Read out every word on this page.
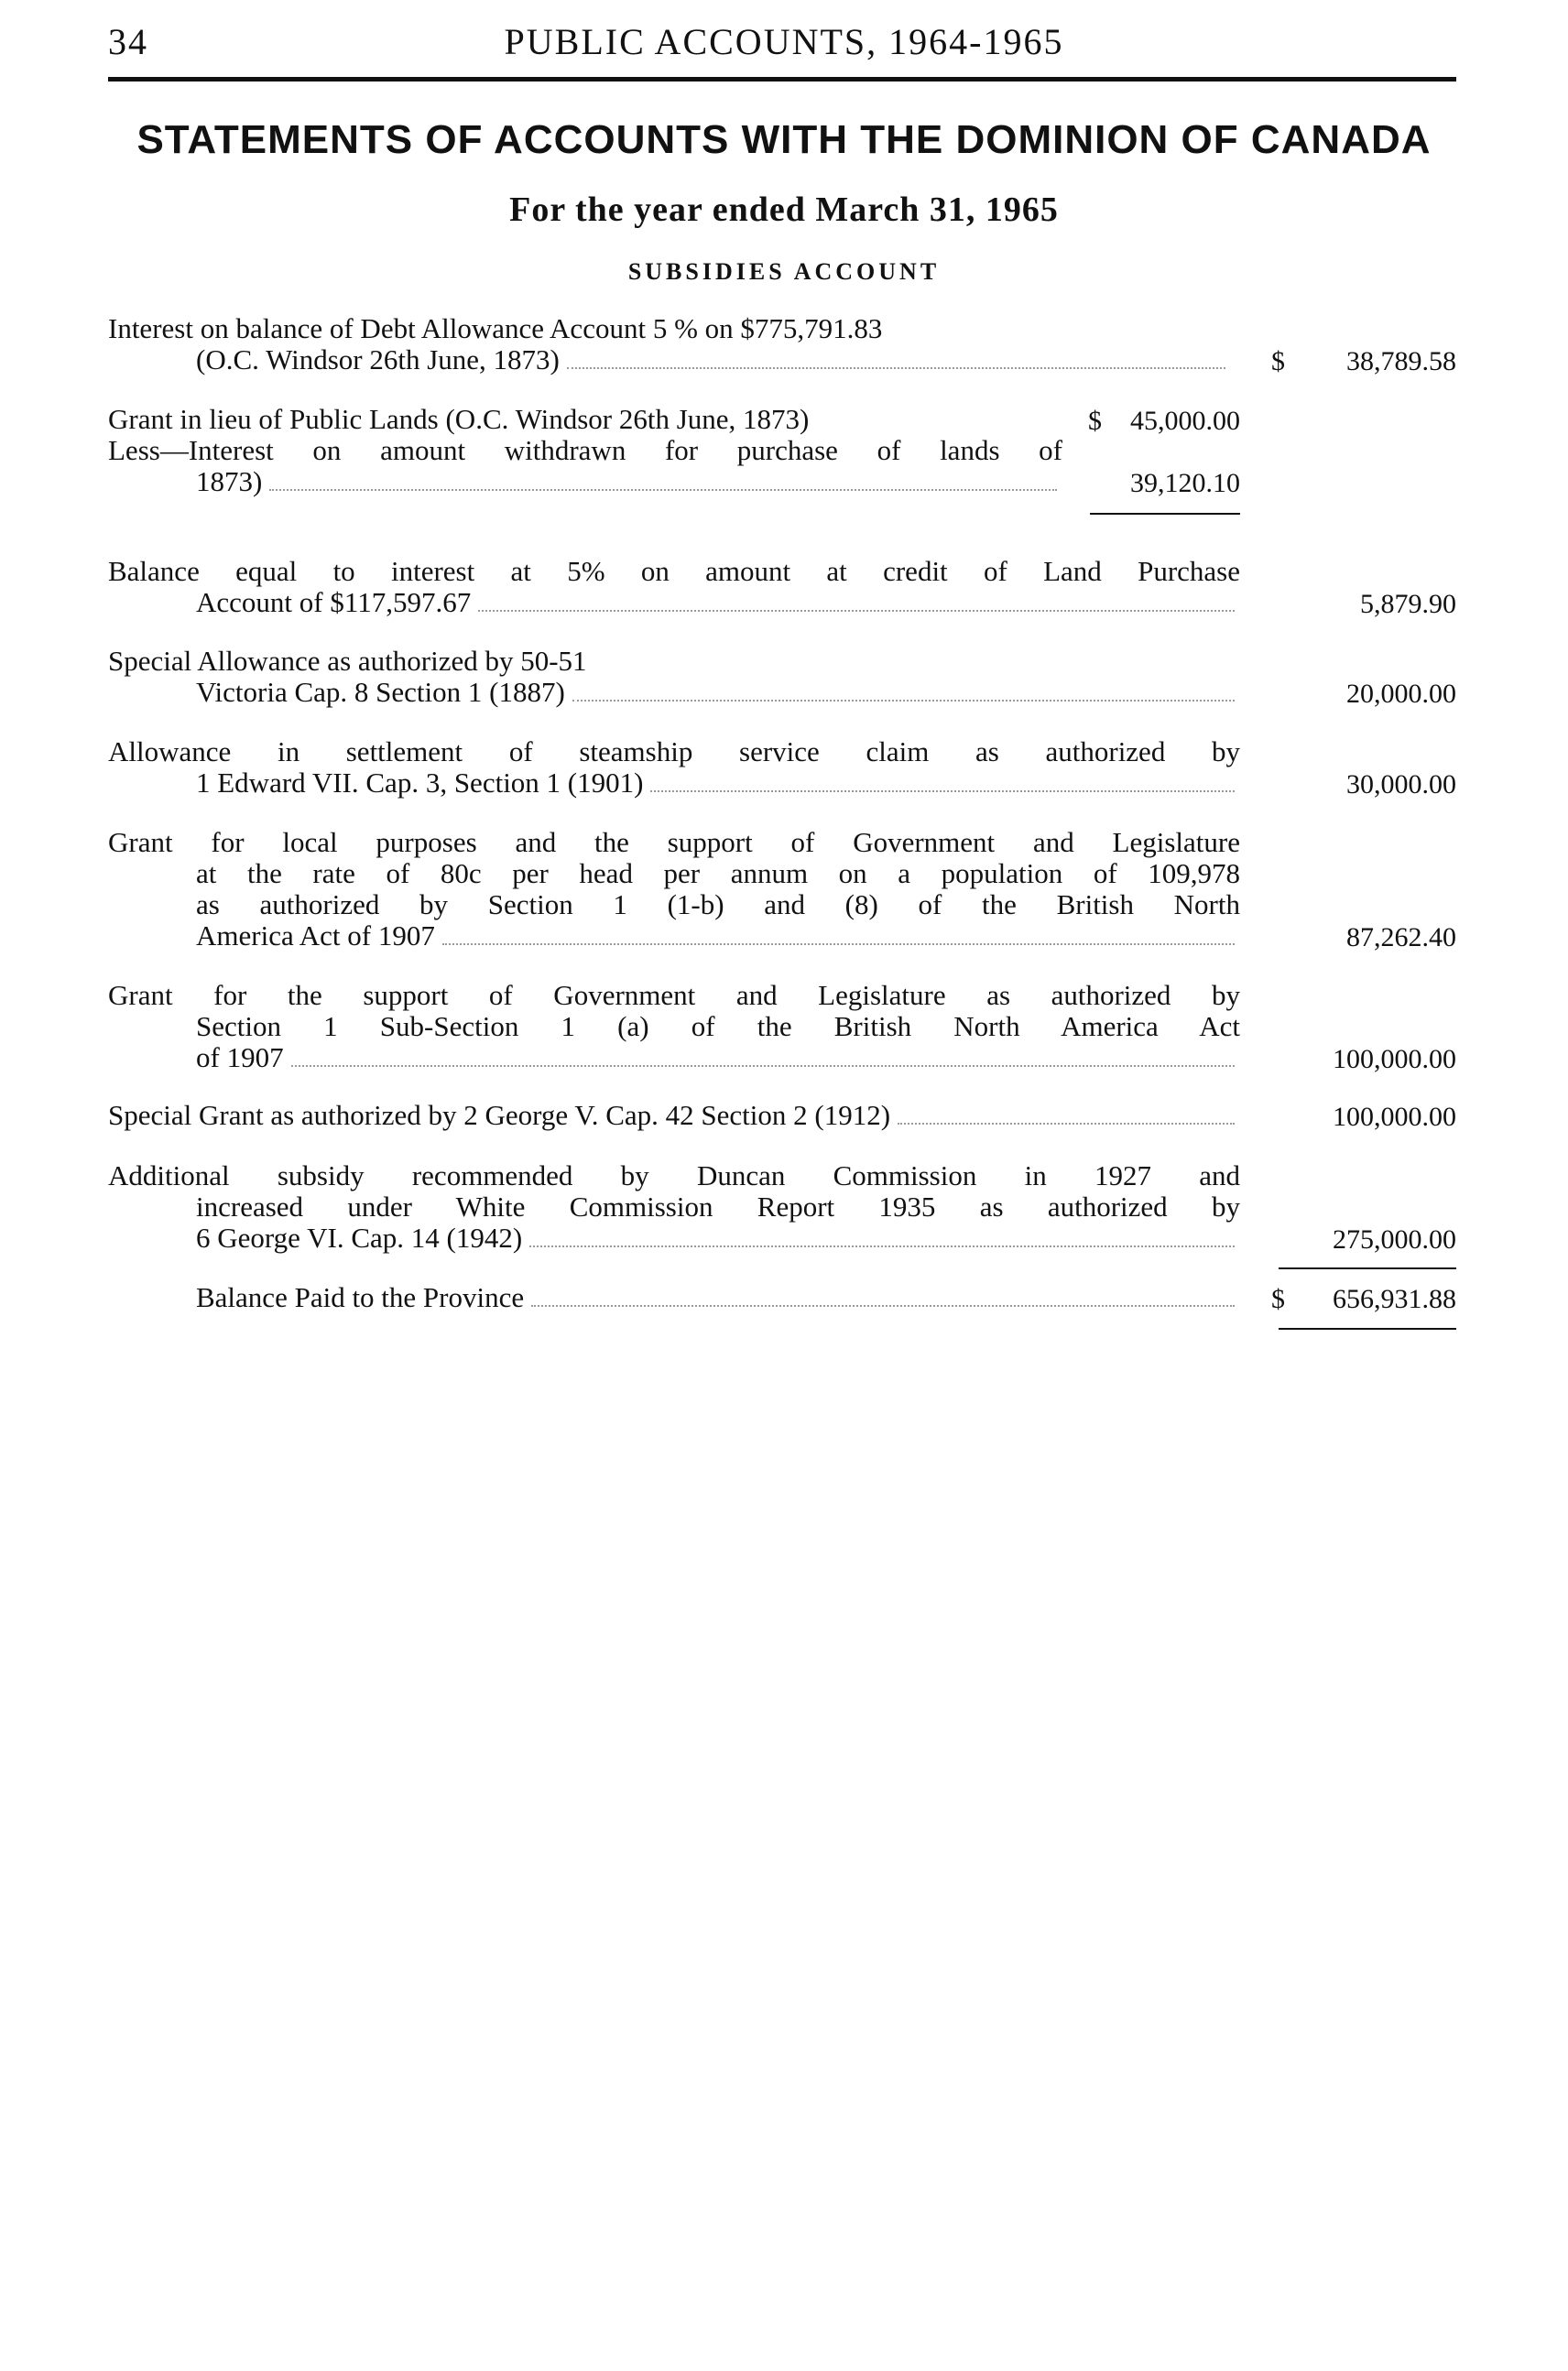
34	PUBLIC ACCOUNTS, 1964-1965
STATEMENTS OF ACCOUNTS WITH THE DOMINION OF CANADA
For the year ended March 31, 1965
SUBSIDIES ACCOUNT
Interest on balance of Debt Allowance Account 5 % on $775,791.83
(O.C. Windsor 26th June, 1873)	$ 38,789.58
Grant in lieu of Public Lands (O.C. Windsor 26th June, 1873)	$ 45,000.00
Less—Interest on amount withdrawn for purchase of lands of
1873)	39,120.10
Balance equal to interest at 5% on amount at credit of Land Purchase
Account of $117,597.67	5,879.90
Special Allowance as authorized by 50-51
Victoria Cap. 8 Section 1 (1887)	20,000.00
Allowance in settlement of steamship service claim as authorized by
1 Edward VII. Cap. 3, Section 1 (1901)	30,000.00
Grant for local purposes and the support of Government and Legislature
at the rate of 80c per head per annum on a population of 109,978
as authorized by Section 1 (1-b) and (8) of the British North
America Act of 1907	87,262.40
Grant for the support of Government and Legislature as authorized by
Section 1 Sub-Section 1 (a) of the British North America Act
of 1907	100,000.00
Special Grant as authorized by 2 George V. Cap. 42 Section 2 (1912)	100,000.00
Additional subsidy recommended by Duncan Commission in 1927 and
increased under White Commission Report 1935 as authorized by
6 George VI. Cap. 14 (1942)	275,000.00
Balance Paid to the Province	$ 656,931.88
